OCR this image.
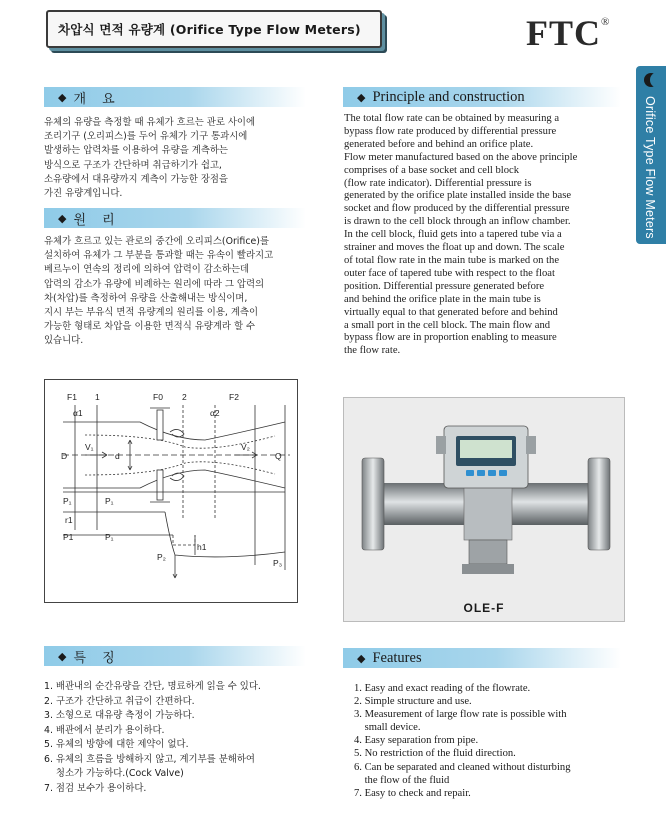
차압식 면적 유량계 (Orifice Type Flow Meters)	FTC®
Orifice Type Flow Meters
◆ 개 요
유체의 유량을 측정할 때 유체가 흐르는 관로 사이에
조리기구 (오리피스)를 두어 유체가 기구 통과시에
발생하는 압력차를 이용하여 유량을 계측하는
방식으로 구조가 간단하며 취급하기가 쉽고,
소유량에서 대유량까지 계측이 가능한 장점을
가진 유량계입니다.
◆ 원 리
유체가 흐르고 있는 관로의 중간에 오리피스(Orifice)를
설치하여 유체가 그 부분을 통과할 때는 유속이 빨라지고
베르누이 연속의 정리에 의하여 압력이 감소하는데
압력의 감소가 유량에 비례하는 원리에 따라 그 압력의
차(차압)를 측정하여 유량을 산출해내는 방식이며,
지시 부는 부유식 면적 유량계의 원리를 이용, 계측이
가능한 형태로 차압을 이용한 면적식 유량계라 할 수
있습니다.
◆ Principle and construction
The total flow rate can be obtained by measuring a
bypass flow rate produced by differential pressure
generated before and behind an orifice plate.
Flow meter manufactured based on the above principle
comprises of a base socket and cell block
(flow rate indicator). Differential pressure is
generated by the orifice plate installed inside the base
socket and flow produced by the differential pressure
is drawn to the cell block through an inflow chamber.
In the cell block, fluid gets into a tapered tube via a
strainer and moves the float up and down. The scale
of total flow rate in the main tube is marked on the
outer face of tapered tube with respect to the float
position. Differential pressure generated before
and behind the orifice plate in the main tube is
virtually equal to that generated before and behind
a small port in the cell block. The main flow and
bypass flow are in proportion enabling to measure
the flow rate.
F1 1	F0 2	F2
α1	α2
D
V₁
d
V₂
Q
P₁	P₁
r1
P1	P₁
P₂
h1
P₃
OLE-F
◆ 특 징
1. 배관내의 순간유량을 간단, 명료하게 읽을 수 있다.
2. 구조가 간단하고 취급이 간편하다.
3. 소형으로 대유량 측정이 가능하다.
4. 배관에서 분리가 용이하다.
5. 유체의 방향에 대한 제약이 없다.
6. 유체의 흐름을 방해하지 않고, 계기부를 분해하여
청소가 가능하다.(Cock Valve)
7. 점검 보수가 용이하다.
◆ Features
1. Easy and exact reading of the flowrate.
2. Simple structure and use.
3. Measurement of large flow rate is possible with
small device.
4. Easy separation from pipe.
5. No restriction of the fluid direction.
6. Can be separated and cleaned without disturbing
the flow of the fluid
7. Easy to check and repair.
